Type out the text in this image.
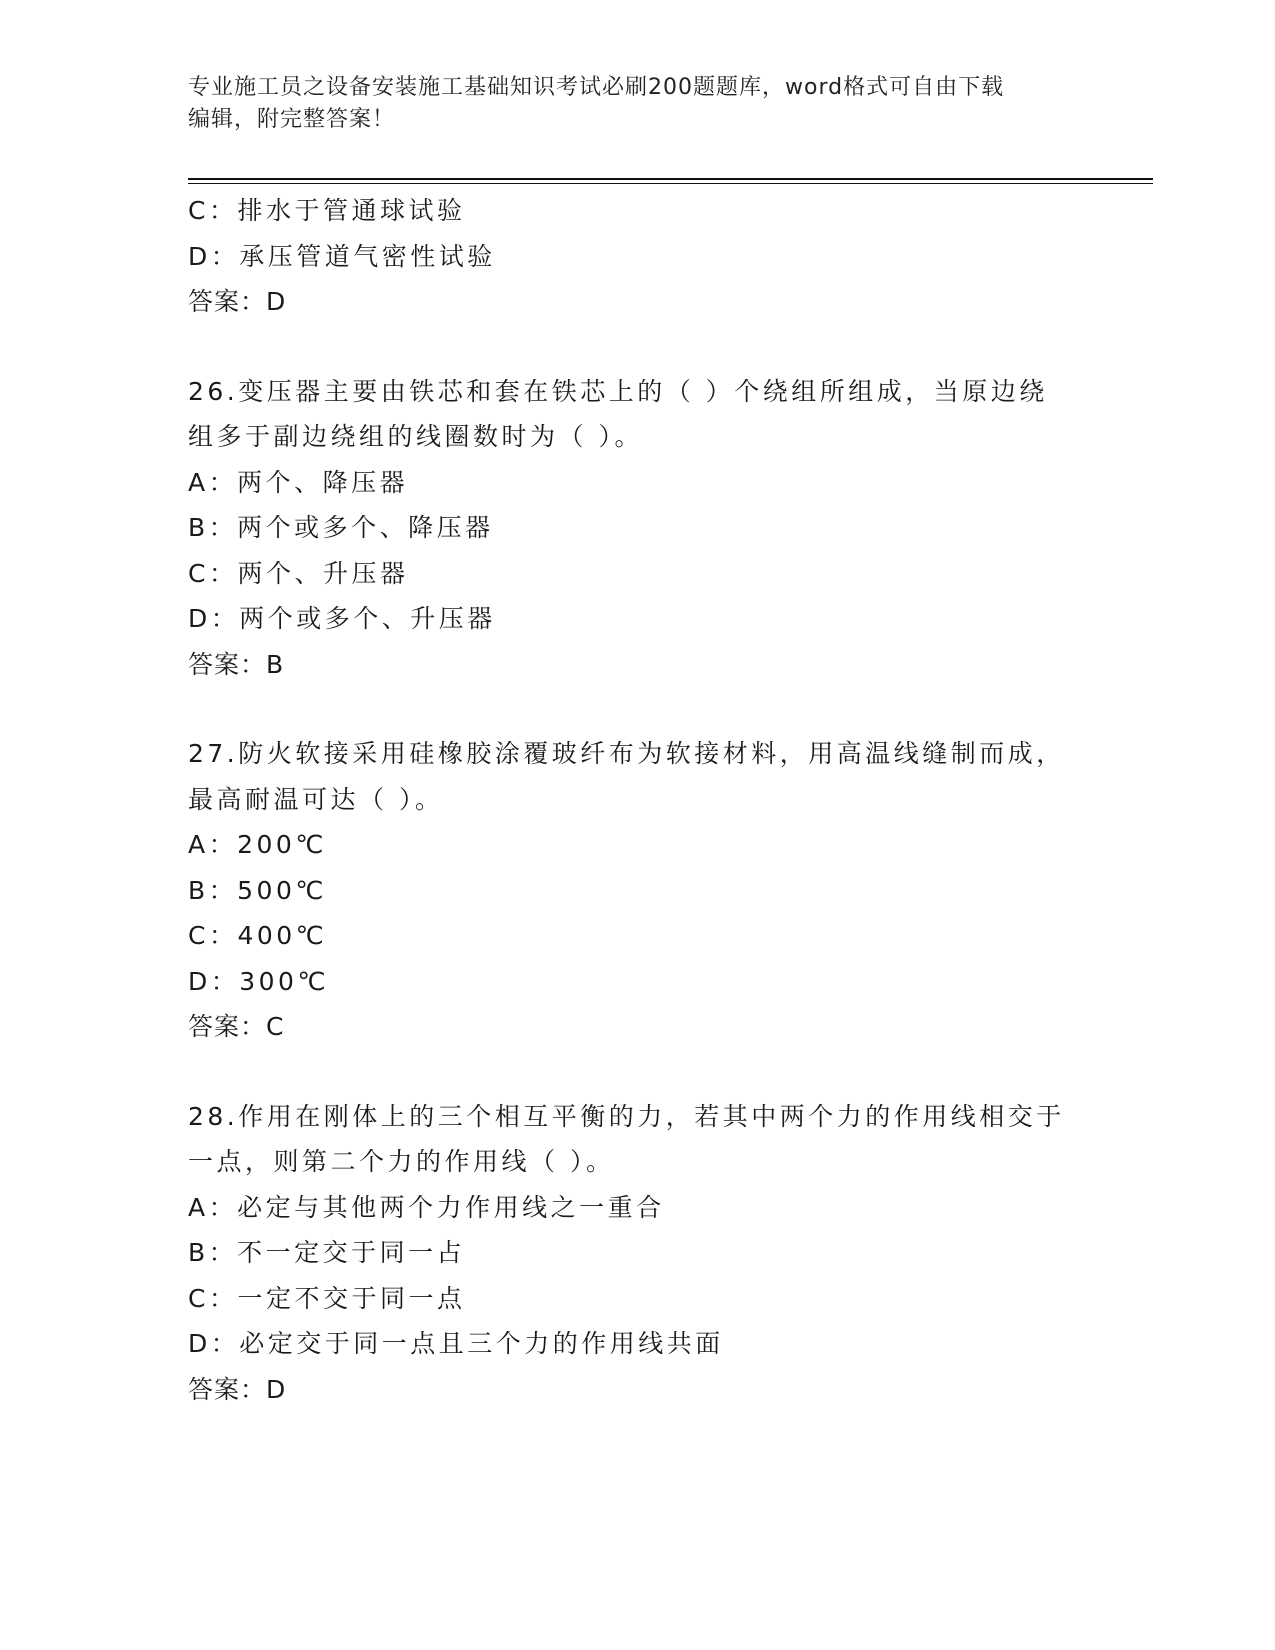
专业施工员之设备安装施工基础知识考试必刷200题题库，word格式可自由下载
编辑，附完整答案！
C：排水于管通球试验
D：承压管道气密性试验
答案：D
26.变压器主要由铁芯和套在铁芯上的（ ）个绕组所组成，当原边绕
组多于副边绕组的线圈数时为（ ）。
A：两个、降压器
B：两个或多个、降压器
C：两个、升压器
D：两个或多个、升压器
答案：B
27.防火软接采用硅橡胶涂覆玻纤布为软接材料，用高温线缝制而成，
最高耐温可达（ ）。
A：200℃
B：500℃
C：400℃
D：300℃
答案：C
28.作用在刚体上的三个相互平衡的力，若其中两个力的作用线相交于
一点，则第二个力的作用线（ ）。
A：必定与其他两个力作用线之一重合
B：不一定交于同一占
C：一定不交于同一点
D：必定交于同一点且三个力的作用线共面
答案：D
